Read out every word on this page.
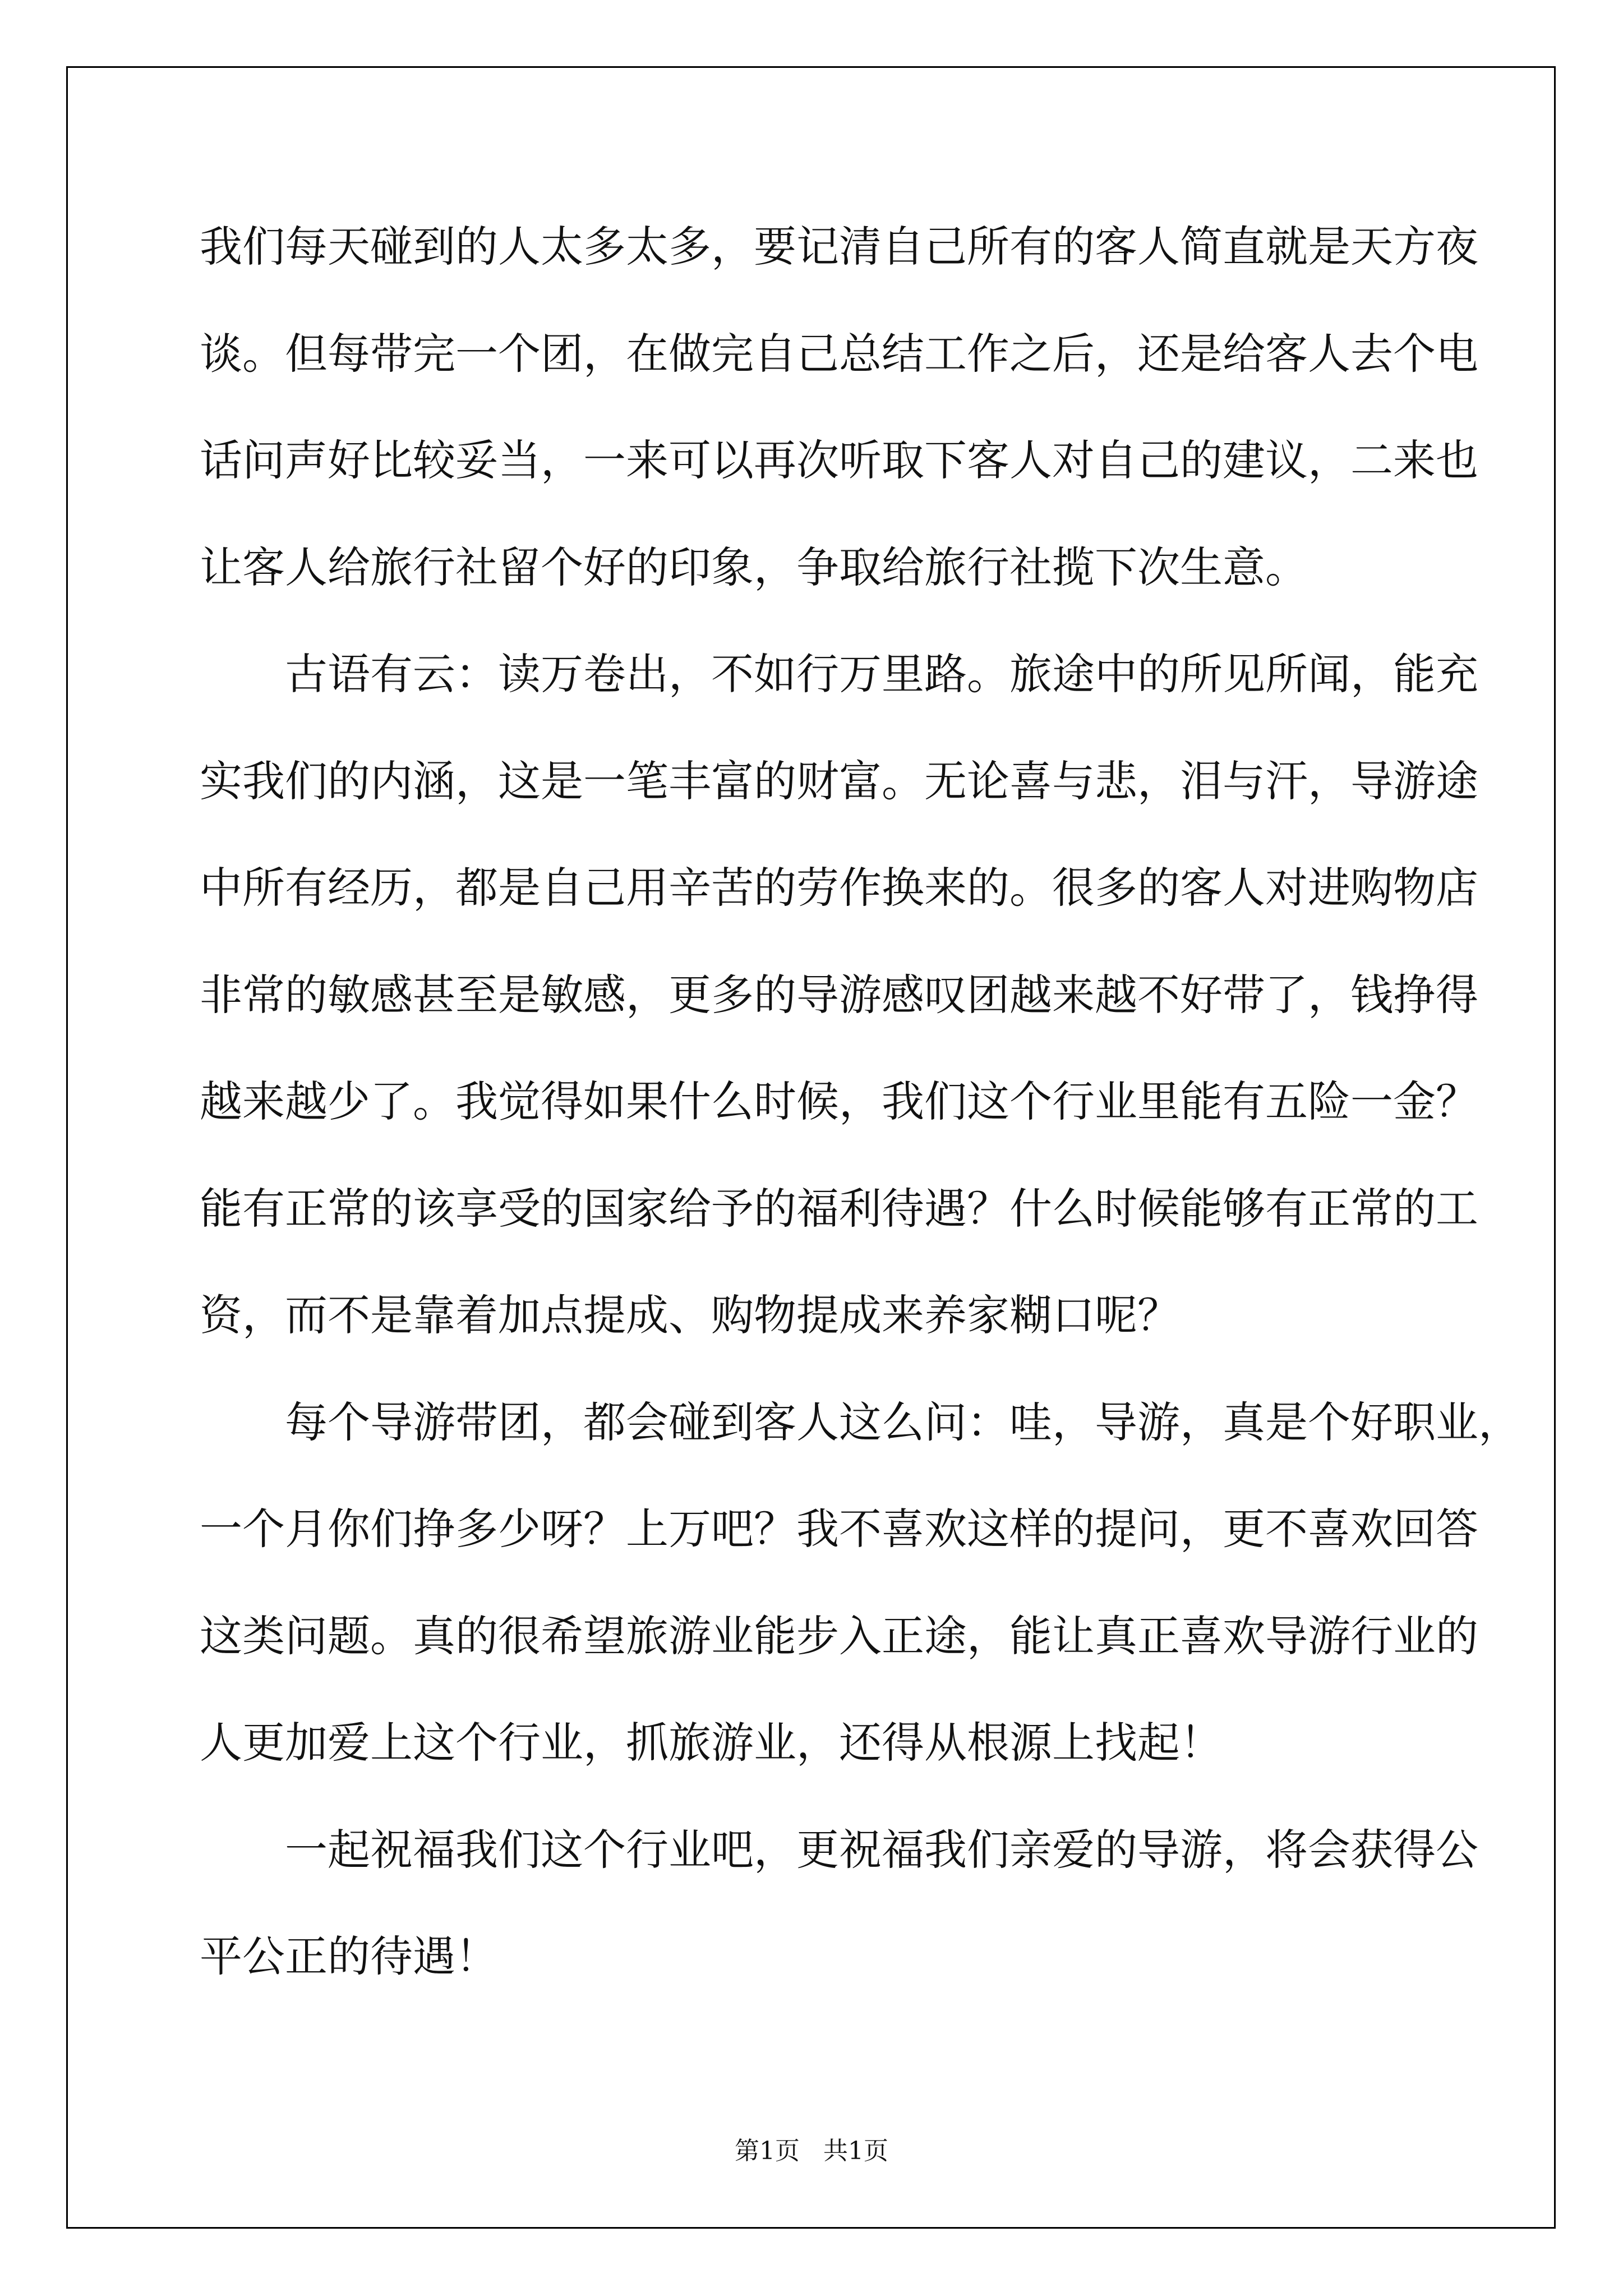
我们每天碰到的人太多太多，要记清自己所有的客人简直就是天方夜
谈。但每带完一个团，在做完自己总结工作之后，还是给客人去个电
话问声好比较妥当，一来可以再次听取下客人对自己的建议，二来也
让客人给旅行社留个好的印象，争取给旅行社揽下次生意。
古语有云：读万卷出，不如行万里路。旅途中的所见所闻，能充
实我们的内涵，这是一笔丰富的财富。无论喜与悲，泪与汗，导游途
中所有经历，都是自己用辛苦的劳作换来的。很多的客人对进购物店
非常的敏感甚至是敏感，更多的导游感叹团越来越不好带了，钱挣得
越来越少了。我觉得如果什么时候，我们这个行业里能有五险一金？
能有正常的该享受的国家给予的福利待遇？什么时候能够有正常的工
资，而不是靠着加点提成、购物提成来养家糊口呢？
每个导游带团，都会碰到客人这么问：哇，导游，真是个好职业，
一个月你们挣多少呀？上万吧？我不喜欢这样的提问，更不喜欢回答
这类问题。真的很希望旅游业能步入正途，能让真正喜欢导游行业的
人更加爱上这个行业，抓旅游业，还得从根源上找起！
一起祝福我们这个行业吧，更祝福我们亲爱的导游，将会获得公
平公正的待遇！
第1页   共1页
